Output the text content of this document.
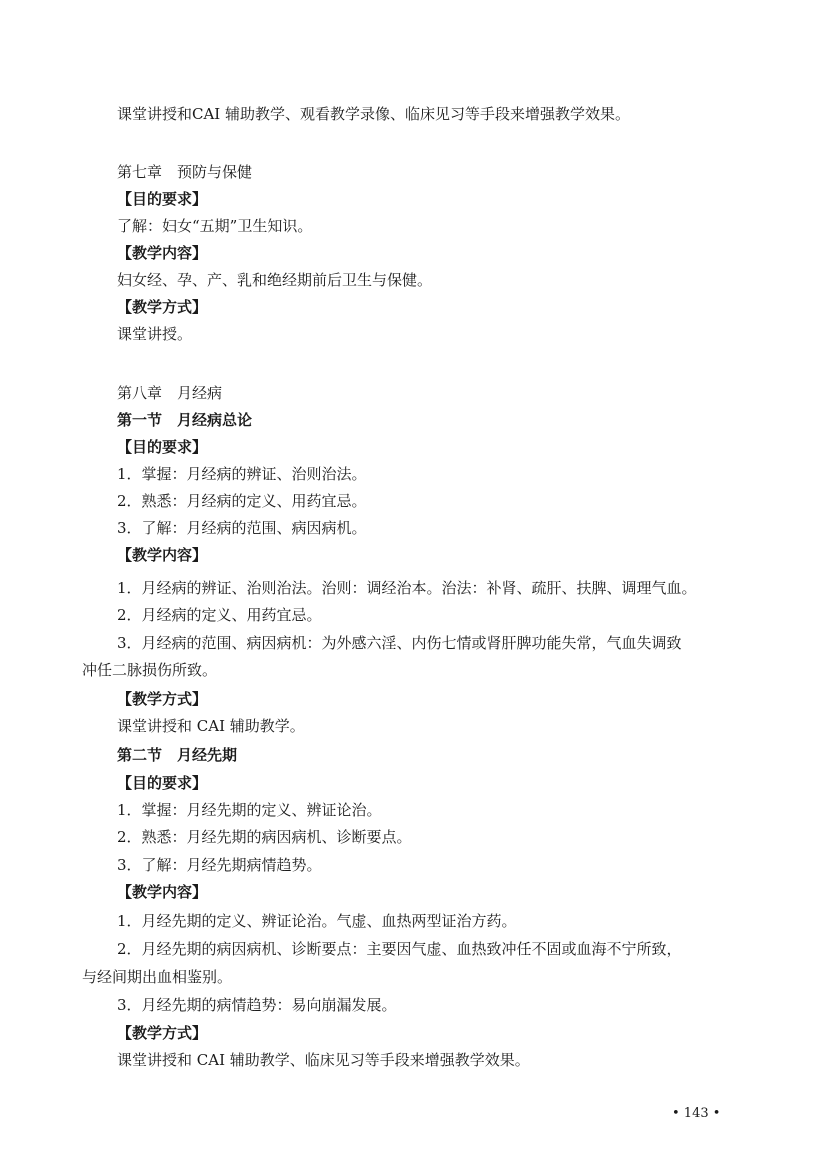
课堂讲授和CAI 辅助教学、观看教学录像、临床见习等手段来增强教学效果。
第七章　预防与保健
【目的要求】
了解：妇女“五期”卫生知识。
【教学内容】
妇女经、孕、产、乳和绝经期前后卫生与保健。
【教学方式】
课堂讲授。
第八章　月经病
第一节　月经病总论
【目的要求】
1．掌握：月经病的辨证、治则治法。
2．熟悉：月经病的定义、用药宜忌。
3．了解：月经病的范围、病因病机。
【教学内容】
1．月经病的辨证、治则治法。治则：调经治本。治法：补肾、疏肝、扶脾、调理气血。
2．月经病的定义、用药宜忌。
3．月经病的范围、病因病机：为外感六淫、内伤七情或肾肝脾功能失常，气血失调致
冲任二脉损伤所致。
【教学方式】
课堂讲授和 CAI 辅助教学。
第二节　月经先期
【目的要求】
1．掌握：月经先期的定义、辨证论治。
2．熟悉：月经先期的病因病机、诊断要点。
3．了解：月经先期病情趋势。
【教学内容】
1．月经先期的定义、辨证论治。气虚、血热两型证治方药。
2．月经先期的病因病机、诊断要点：主要因气虚、血热致冲任不固或血海不宁所致，
与经间期出血相鉴别。
3．月经先期的病情趋势：易向崩漏发展。
【教学方式】
课堂讲授和 CAI 辅助教学、临床见习等手段来增强教学效果。
• 143 •
